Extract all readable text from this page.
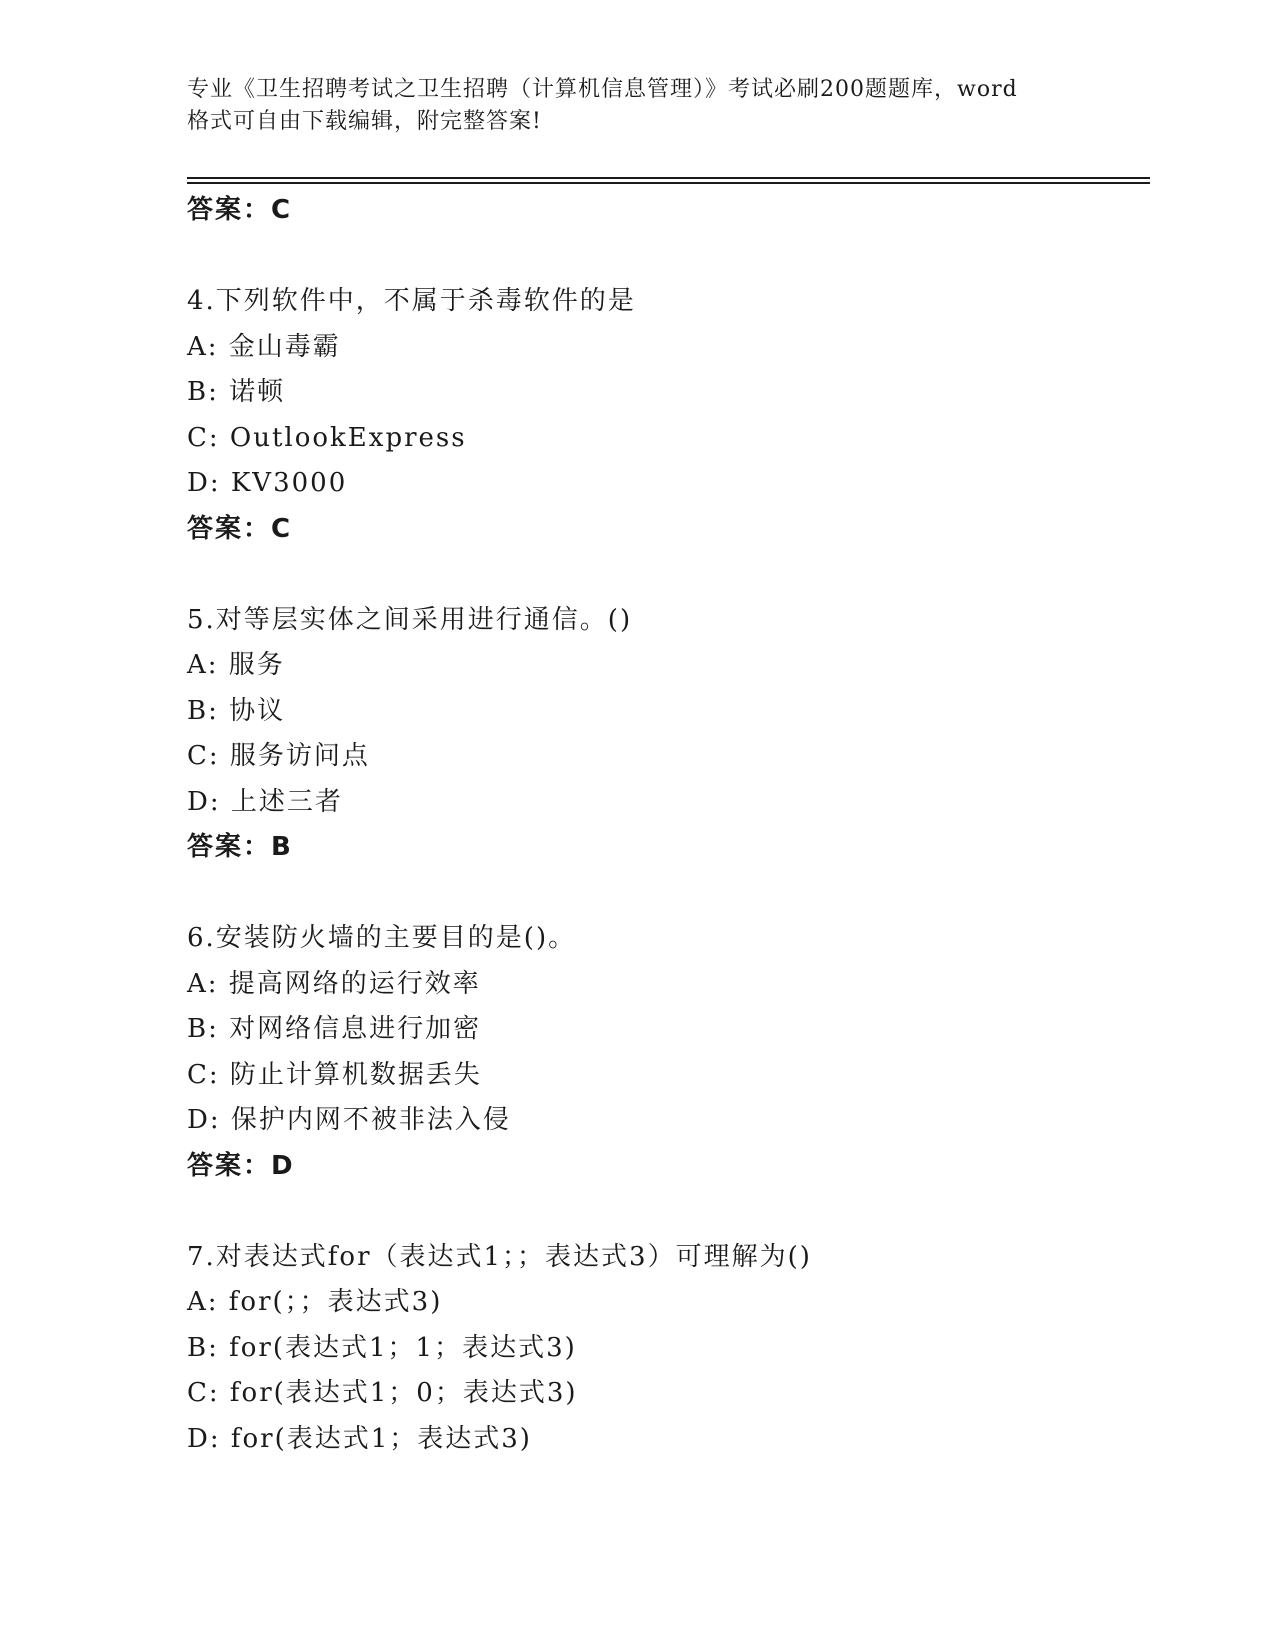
专业《卫生招聘考试之卫生招聘（计算机信息管理）》考试必刷200题题库，word
格式可自由下载编辑，附完整答案!
答案：C
4.下列软件中，不属于杀毒软件的是
A: 金山毒霸
B: 诺顿
C: OutlookExpress
D: KV3000
答案：C
5.对等层实体之间采用进行通信。()
A: 服务
B: 协议
C: 服务访问点
D: 上述三者
答案：B
6.安装防火墙的主要目的是()。
A: 提高网络的运行效率
B: 对网络信息进行加密
C: 防止计算机数据丢失
D: 保护内网不被非法入侵
答案：D
7.对表达式for（表达式1；；表达式3）可理解为()
A: for(；；表达式3)
B: for(表达式1；1；表达式3)
C: for(表达式1；0；表达式3)
D: for(表达式1；表达式3)
